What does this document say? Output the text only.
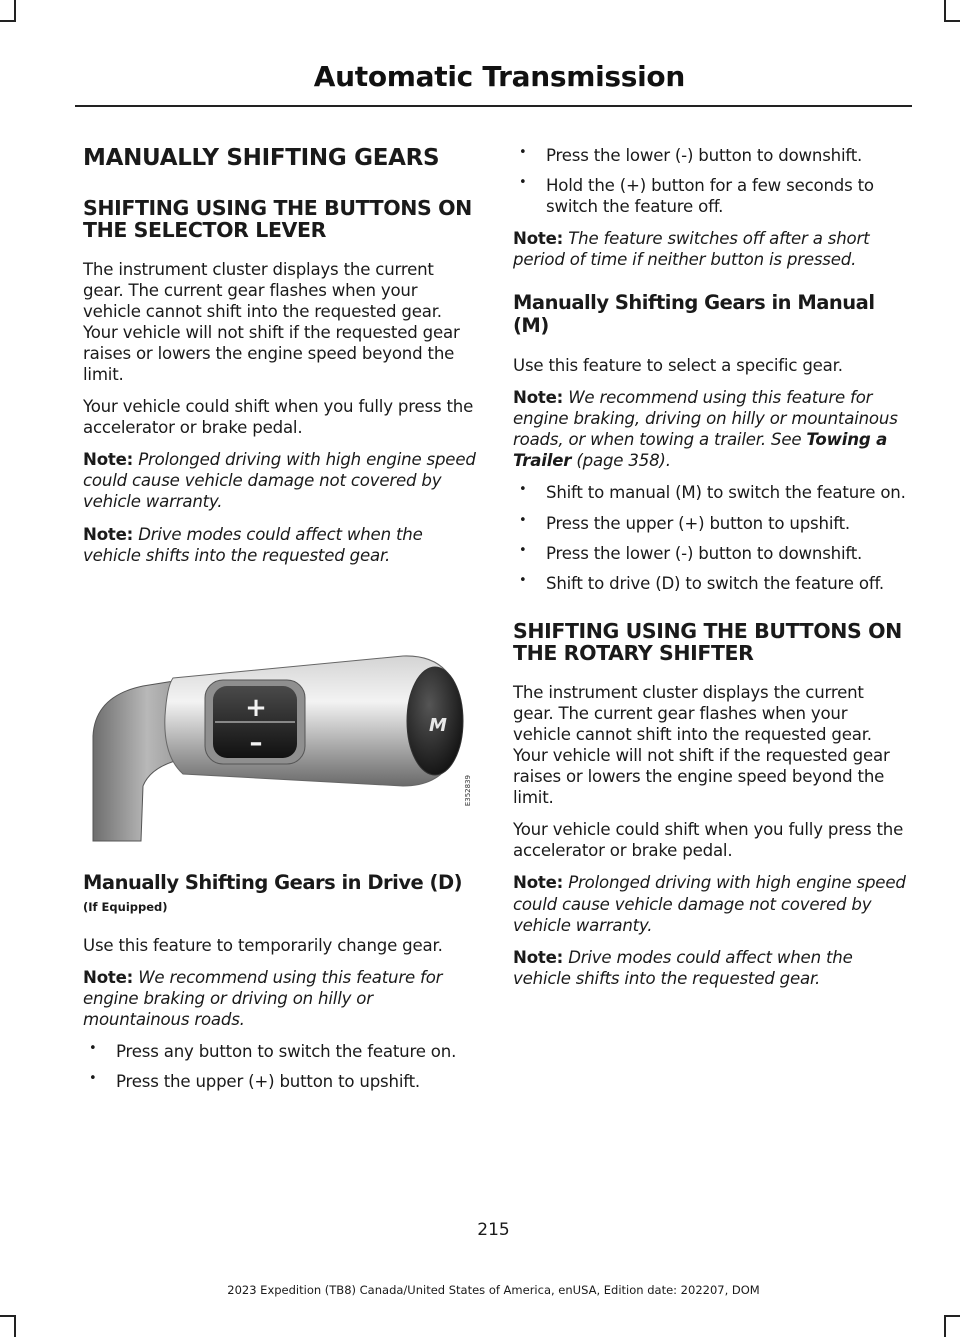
Automatic Transmission
MANUALLY SHIFTING GEARS
SHIFTING USING THE BUTTONS ON THE SELECTOR LEVER

The instrument cluster displays the current gear. The current gear flashes when your vehicle cannot shift into the requested gear. Your vehicle will not shift if the requested gear raises or lowers the engine speed beyond the limit.

Your vehicle could shift when you fully press the accelerator or brake pedal.

Note: Prolonged driving with high engine speed could cause vehicle damage not covered by vehicle warranty.

Note: Drive modes could affect when the vehicle shifts into the requested gear.

+
–
M
E352839
Manually Shifting Gears in Drive (D) (If Equipped)

Use this feature to temporarily change gear.

Note: We recommend using this feature for engine braking or driving on hilly or mountainous roads.

• Press any button to switch the feature on.
• Press the upper (+) button to upshift.
• Press the lower (-) button to downshift.
• Hold the (+) button for a few seconds to switch the feature off.

Note: The feature switches off after a short period of time if neither button is pressed.

Manually Shifting Gears in Manual (M)

Use this feature to select a specific gear.

Note: We recommend using this feature for engine braking, driving on hilly or mountainous roads, or when towing a trailer. See Towing a Trailer (page 358).

• Shift to manual (M) to switch the feature on.
• Press the upper (+) button to upshift.
• Press the lower (-) button to downshift.
• Shift to drive (D) to switch the feature off.
SHIFTING USING THE BUTTONS ON THE ROTARY SHIFTER

The instrument cluster displays the current gear. The current gear flashes when your vehicle cannot shift into the requested gear. Your vehicle will not shift if the requested gear raises or lowers the engine speed beyond the limit.

Your vehicle could shift when you fully press the accelerator or brake pedal.

Note: Prolonged driving with high engine speed could cause vehicle damage not covered by vehicle warranty.

Note: Drive modes could affect when the vehicle shifts into the requested gear.

215
2023 Expedition (TB8) Canada/United States of America, enUSA, Edition date: 202207, DOM
